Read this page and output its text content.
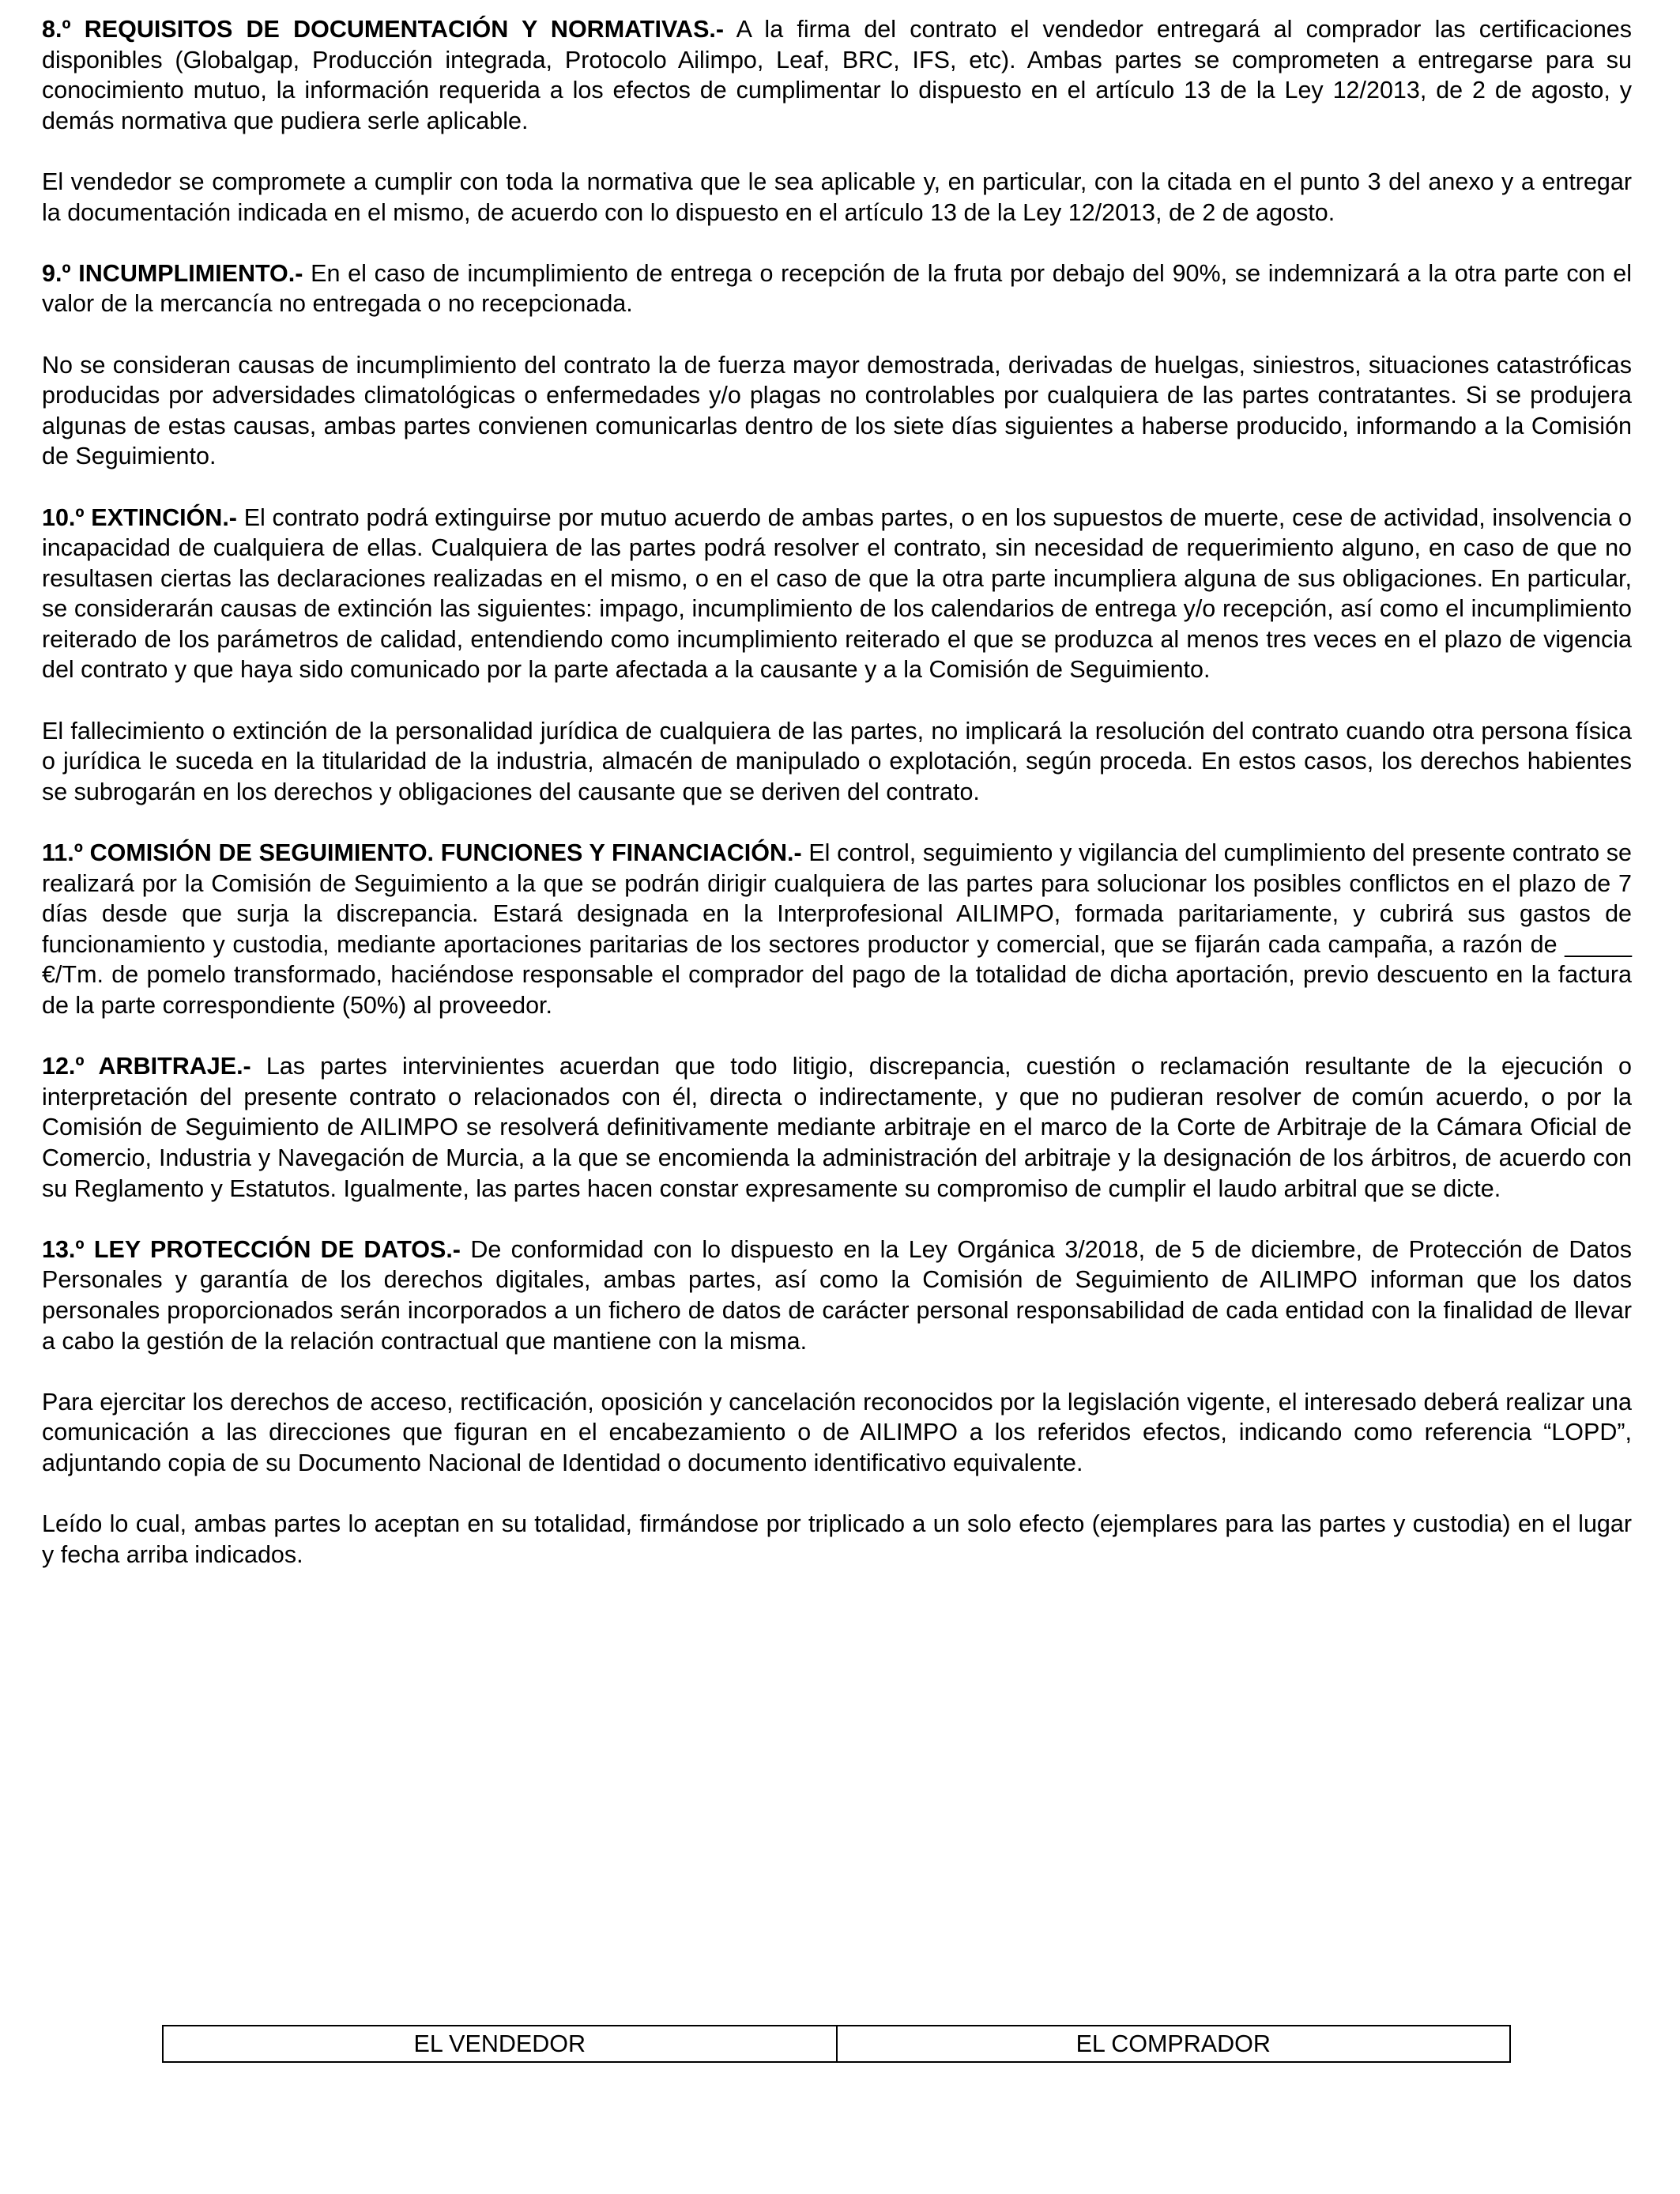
8.º REQUISITOS DE DOCUMENTACIÓN Y NORMATIVAS.- A la firma del contrato el vendedor entregará al comprador las certificaciones disponibles (Globalgap, Producción integrada, Protocolo Ailimpo, Leaf, BRC, IFS, etc). Ambas partes se comprometen a entregarse para su conocimiento mutuo, la información requerida a los efectos de cumplimentar lo dispuesto en el artículo 13 de la Ley 12/2013, de 2 de agosto, y demás normativa que pudiera serle aplicable.

El vendedor se compromete a cumplir con toda la normativa que le sea aplicable y, en particular, con la citada en el punto 3 del anexo y a entregar la documentación indicada en el mismo, de acuerdo con lo dispuesto en el artículo 13 de la Ley 12/2013, de 2 de agosto.

9.º INCUMPLIMIENTO.- En el caso de incumplimiento de entrega o recepción de la fruta por debajo del 90%, se indemnizará a la otra parte con el valor de la mercancía no entregada o no recepcionada.

No se consideran causas de incumplimiento del contrato la de fuerza mayor demostrada, derivadas de huelgas, siniestros, situaciones catastróficas producidas por adversidades climatológicas o enfermedades y/o plagas no controlables por cualquiera de las partes contratantes. Si se produjera algunas de estas causas, ambas partes convienen comunicarlas dentro de los siete días siguientes a haberse producido, informando a la Comisión de Seguimiento.

10.º EXTINCIÓN.- El contrato podrá extinguirse por mutuo acuerdo de ambas partes, o en los supuestos de muerte, cese de actividad, insolvencia o incapacidad de cualquiera de ellas. Cualquiera de las partes podrá resolver el contrato, sin necesidad de requerimiento alguno, en caso de que no resultasen ciertas las declaraciones realizadas en el mismo, o en el caso de que la otra parte incumpliera alguna de sus obligaciones. En particular, se considerarán causas de extinción las siguientes: impago, incumplimiento de los calendarios de entrega y/o recepción, así como el incumplimiento reiterado de los parámetros de calidad, entendiendo como incumplimiento reiterado el que se produzca al menos tres veces en el plazo de vigencia del contrato y que haya sido comunicado por la parte afectada a la causante y a la Comisión de Seguimiento.

El fallecimiento o extinción de la personalidad jurídica de cualquiera de las partes, no implicará la resolución del contrato cuando otra persona física o jurídica le suceda en la titularidad de la industria, almacén de manipulado o explotación, según proceda. En estos casos, los derechos habientes se subrogarán en los derechos y obligaciones del causante que se deriven del contrato.

11.º COMISIÓN DE SEGUIMIENTO. FUNCIONES Y FINANCIACIÓN.- El control, seguimiento y vigilancia del cumplimiento del presente contrato se realizará por la Comisión de Seguimiento a la que se podrán dirigir cualquiera de las partes para solucionar los posibles conflictos en el plazo de 7 días desde que surja la discrepancia. Estará designada en la Interprofesional AILIMPO, formada paritariamente, y cubrirá sus gastos de funcionamiento y custodia, mediante aportaciones paritarias de los sectores productor y comercial, que se fijarán cada campaña, a razón de _____ €/Tm. de pomelo transformado, haciéndose responsable el comprador del pago de la totalidad de dicha aportación, previo descuento en la factura de la parte correspondiente (50%) al proveedor.

12.º ARBITRAJE.- Las partes intervinientes acuerdan que todo litigio, discrepancia, cuestión o reclamación resultante de la ejecución o interpretación del presente contrato o relacionados con él, directa o indirectamente, y que no pudieran resolver de común acuerdo, o por la Comisión de Seguimiento de AILIMPO se resolverá definitivamente mediante arbitraje en el marco de la Corte de Arbitraje de la Cámara Oficial de Comercio, Industria y Navegación de Murcia, a la que se encomienda la administración del arbitraje y la designación de los árbitros, de acuerdo con su Reglamento y Estatutos. Igualmente, las partes hacen constar expresamente su compromiso de cumplir el laudo arbitral que se dicte.

13.º LEY PROTECCIÓN DE DATOS.- De conformidad con lo dispuesto en la Ley Orgánica 3/2018, de 5 de diciembre, de Protección de Datos Personales y garantía de los derechos digitales, ambas partes, así como la Comisión de Seguimiento de AILIMPO informan que los datos personales proporcionados serán incorporados a un fichero de datos de carácter personal responsabilidad de cada entidad con la finalidad de llevar a cabo la gestión de la relación contractual que mantiene con la misma.

Para ejercitar los derechos de acceso, rectificación, oposición y cancelación reconocidos por la legislación vigente, el interesado deberá realizar una comunicación a las direcciones que figuran en el encabezamiento o de AILIMPO a los referidos efectos, indicando como referencia “LOPD”, adjuntando copia de su Documento Nacional de Identidad o documento identificativo equivalente.

Leído lo cual, ambas partes lo aceptan en su totalidad, firmándose por triplicado a un solo efecto (ejemplares para las partes y custodia) en el lugar y fecha arriba indicados.

EL VENDEDOR	EL COMPRADOR
